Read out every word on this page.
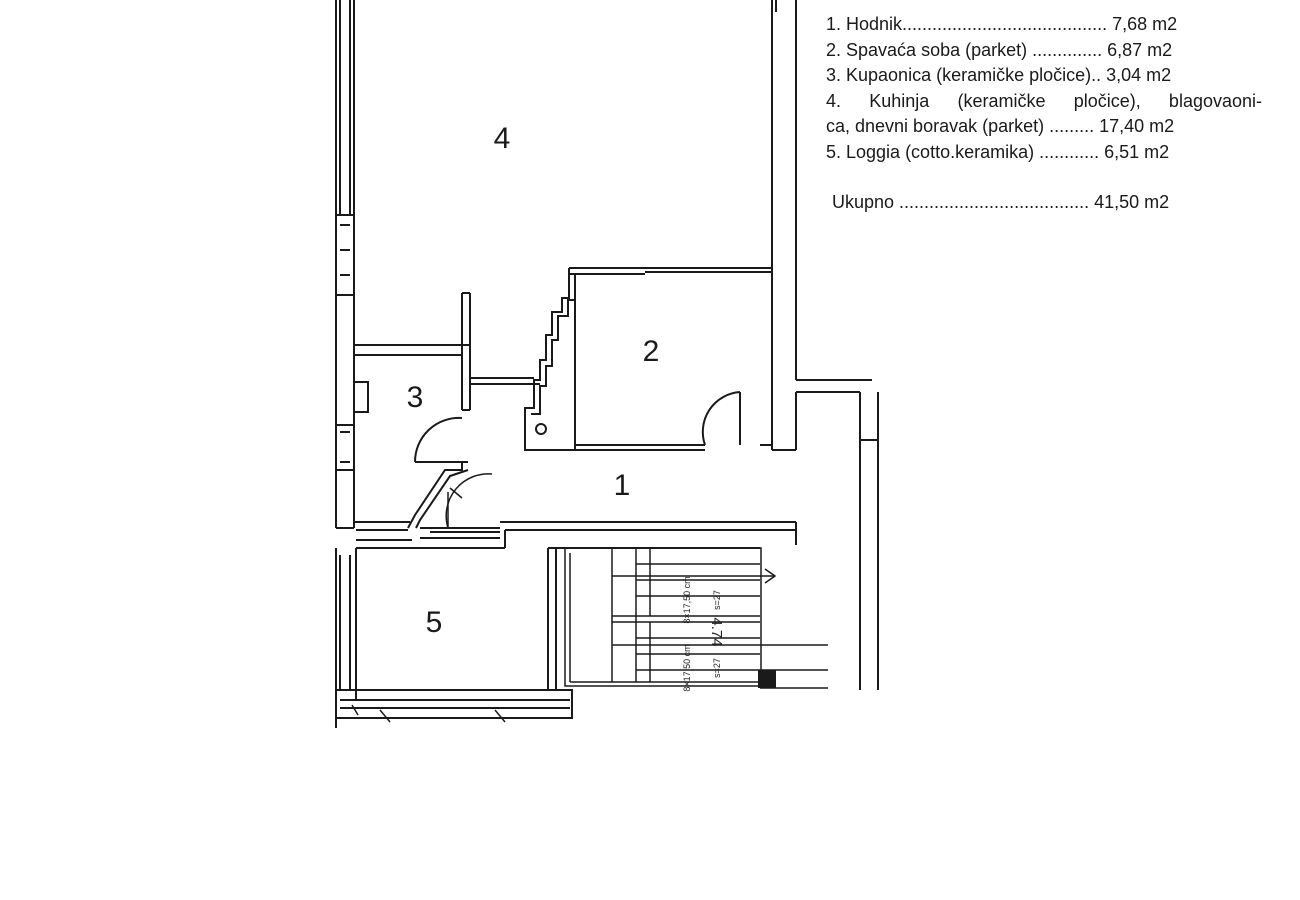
4
2
3
1
5	8×17,50 cm s=27
8×17,50 cm s=27
4.74
1. Hodnik......................................... 7,68 m2
2. Spavaća soba (parket) .............. 6,87 m2
3. Kupaonica (keramičke pločice).. 3,04 m2
4. Kuhinja (keramičke pločice), blagovaoni-
ca, dnevni boravak (parket) ......... 17,40 m2
5. Loggia (cotto.keramika) ............ 6,51 m2
Ukupno ...................................... 41,50 m2
